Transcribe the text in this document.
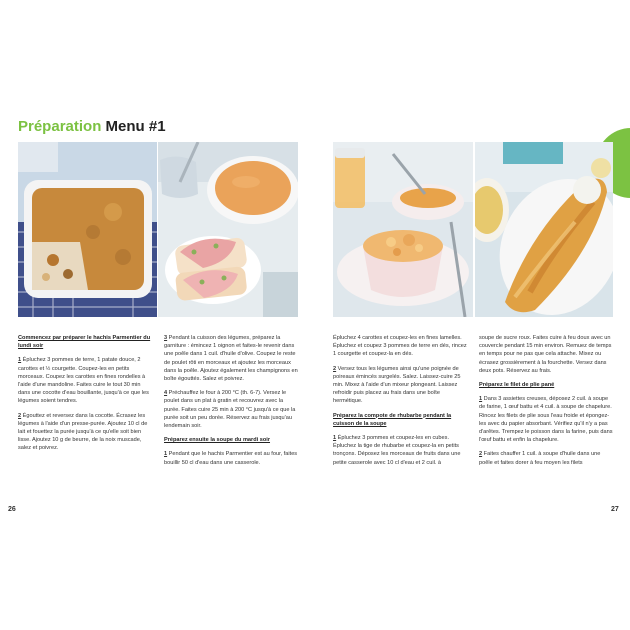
Préparation Menu #1

Commencez par préparer le hachis Parmentier du lundi soir

1 Épluchez 3 pommes de terre, 1 patate douce, 2 carottes et ½ courgette. Coupez-les en petits morceaux. Coupez les carottes en fines rondelles à l'aide d'une mandoline. Faites cuire le tout 30 min dans une cocotte d'eau bouillante, jusqu'à ce que les légumes soient tendres.

2 Égouttez et reversez dans la cocotte. Écrasez les légumes à l'aide d'un presse-purée. Ajoutez 10 cl de lait et fouettez la purée jusqu'à ce qu'elle soit bien lisse. Ajoutez 10 g de beurre, de la noix muscade, salez et poivrez.

3 Pendant la cuisson des légumes, préparez la garniture : émincez 1 oignon et faites-le revenir dans une poêle dans 1 cuil. d'huile d'olive. Coupez le reste de poulet rôti en morceaux et ajoutez les morceaux dans la poêle. Ajoutez également les champignons en boîte égouttés. Salez et poivrez.

4 Préchauffez le four à 200 °C (th. 6-7). Versez le poulet dans un plat à gratin et recouvrez avec la purée. Faites cuire 25 min à 200 °C jusqu'à ce que la purée soit un peu dorée. Réservez au frais jusqu'au lendemain soir.

Préparez ensuite la soupe du mardi soir

1 Pendant que le hachis Parmentier est au four, faites bouillir 50 cl d'eau dans une casserole.

26

Épluchez 4 carottes et coupez-les en fines lamelles. Épluchez et coupez 3 pommes de terre en dés, rincez 1 courgette et coupez-la en dés.

2 Versez tous les légumes ainsi qu'une poignée de poireaux émincés surgelés. Salez. Laissez-cuire 25 min. Mixez à l'aide d'un mixeur plongeant. Laissez refroidir puis placez au frais dans une boîte hermétique.

Préparez la compote de rhubarbe pendant la cuisson de la soupe

1 Épluchez 3 pommes et coupez-les en cubes. Épluchez la tige de rhubarbe et coupez-la en petits tronçons. Déposez les morceaux de fruits dans une petite casserole avec 10 cl d'eau et 2 cuil. à

soupe de sucre roux. Faites cuire à feu doux avec un couvercle pendant 15 min environ. Remuez de temps en temps pour ne pas que cela attache. Mixez ou écrasez grossièrement à la fourchette. Versez dans deux pots. Réservez au frais.

Préparez le filet de plie pané

1 Dans 3 assiettes creuses, déposez 2 cuil. à soupe de farine, 1 œuf battu et 4 cuil. à soupe de chapelure. Rincez les filets de plie sous l'eau froide et épongez-les avec du papier absorbant. Vérifiez qu'il n'y a pas d'arêtes. Trempez le poisson dans la farine, puis dans l'œuf battu et enfin la chapelure.

2 Faites chauffer 1 cuil. à soupe d'huile dans une poêle et faites dorer à feu moyen les filets

27
